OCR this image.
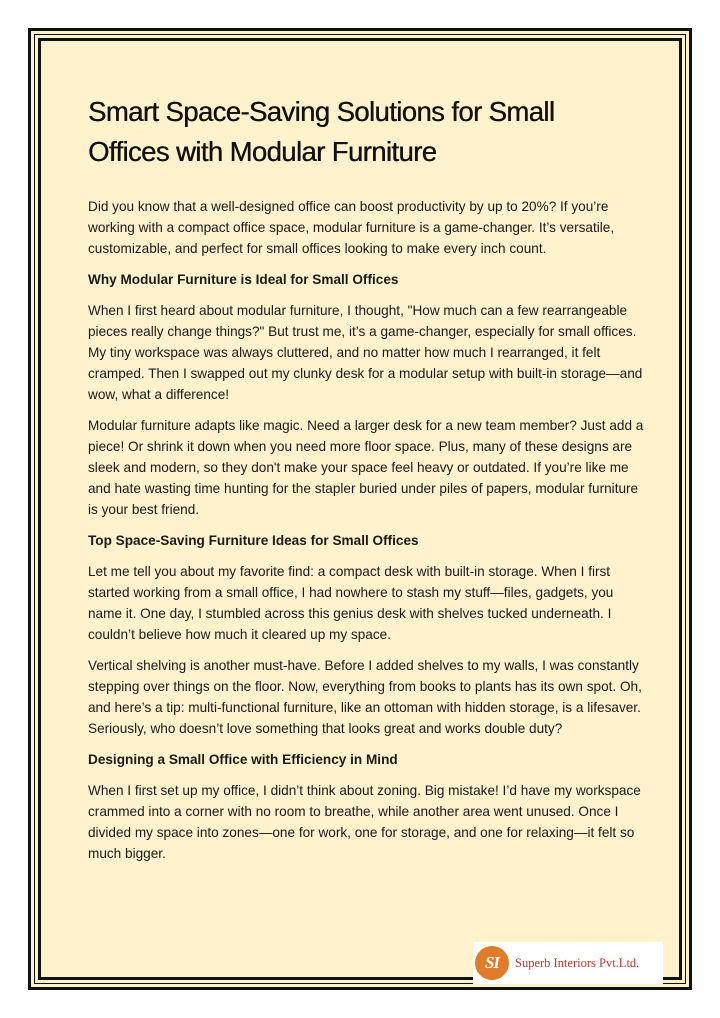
Smart Space-Saving Solutions for Small
Offices with Modular Furniture

Did you know that a well-designed office can boost productivity by up to 20%? If you’re working with a compact office space, modular furniture is a game-changer. It’s versatile, customizable, and perfect for small offices looking to make every inch count.

Why Modular Furniture is Ideal for Small Offices

When I first heard about modular furniture, I thought, "How much can a few rearrangeable pieces really change things?" But trust me, it’s a game-changer, especially for small offices. My tiny workspace was always cluttered, and no matter how much I rearranged, it felt cramped. Then I swapped out my clunky desk for a modular setup with built-in storage—and wow, what a difference!

Modular furniture adapts like magic. Need a larger desk for a new team member? Just add a piece! Or shrink it down when you need more floor space. Plus, many of these designs are sleek and modern, so they don't make your space feel heavy or outdated. If you’re like me and hate wasting time hunting for the stapler buried under piles of papers, modular furniture is your best friend.

Top Space-Saving Furniture Ideas for Small Offices

Let me tell you about my favorite find: a compact desk with built-in storage. When I first started working from a small office, I had nowhere to stash my stuff—files, gadgets, you name it. One day, I stumbled across this genius desk with shelves tucked underneath. I couldn’t believe how much it cleared up my space.

Vertical shelving is another must-have. Before I added shelves to my walls, I was constantly stepping over things on the floor. Now, everything from books to plants has its own spot. Oh, and here’s a tip: multi-functional furniture, like an ottoman with hidden storage, is a lifesaver. Seriously, who doesn’t love something that looks great and works double duty?

Designing a Small Office with Efficiency in Mind

When I first set up my office, I didn’t think about zoning. Big mistake! I’d have my workspace crammed into a corner with no room to breathe, while another area went unused. Once I divided my space into zones—one for work, one for storage, and one for relaxing—it felt so much bigger.

SI	Superb Interiors Pvt.Ltd.
